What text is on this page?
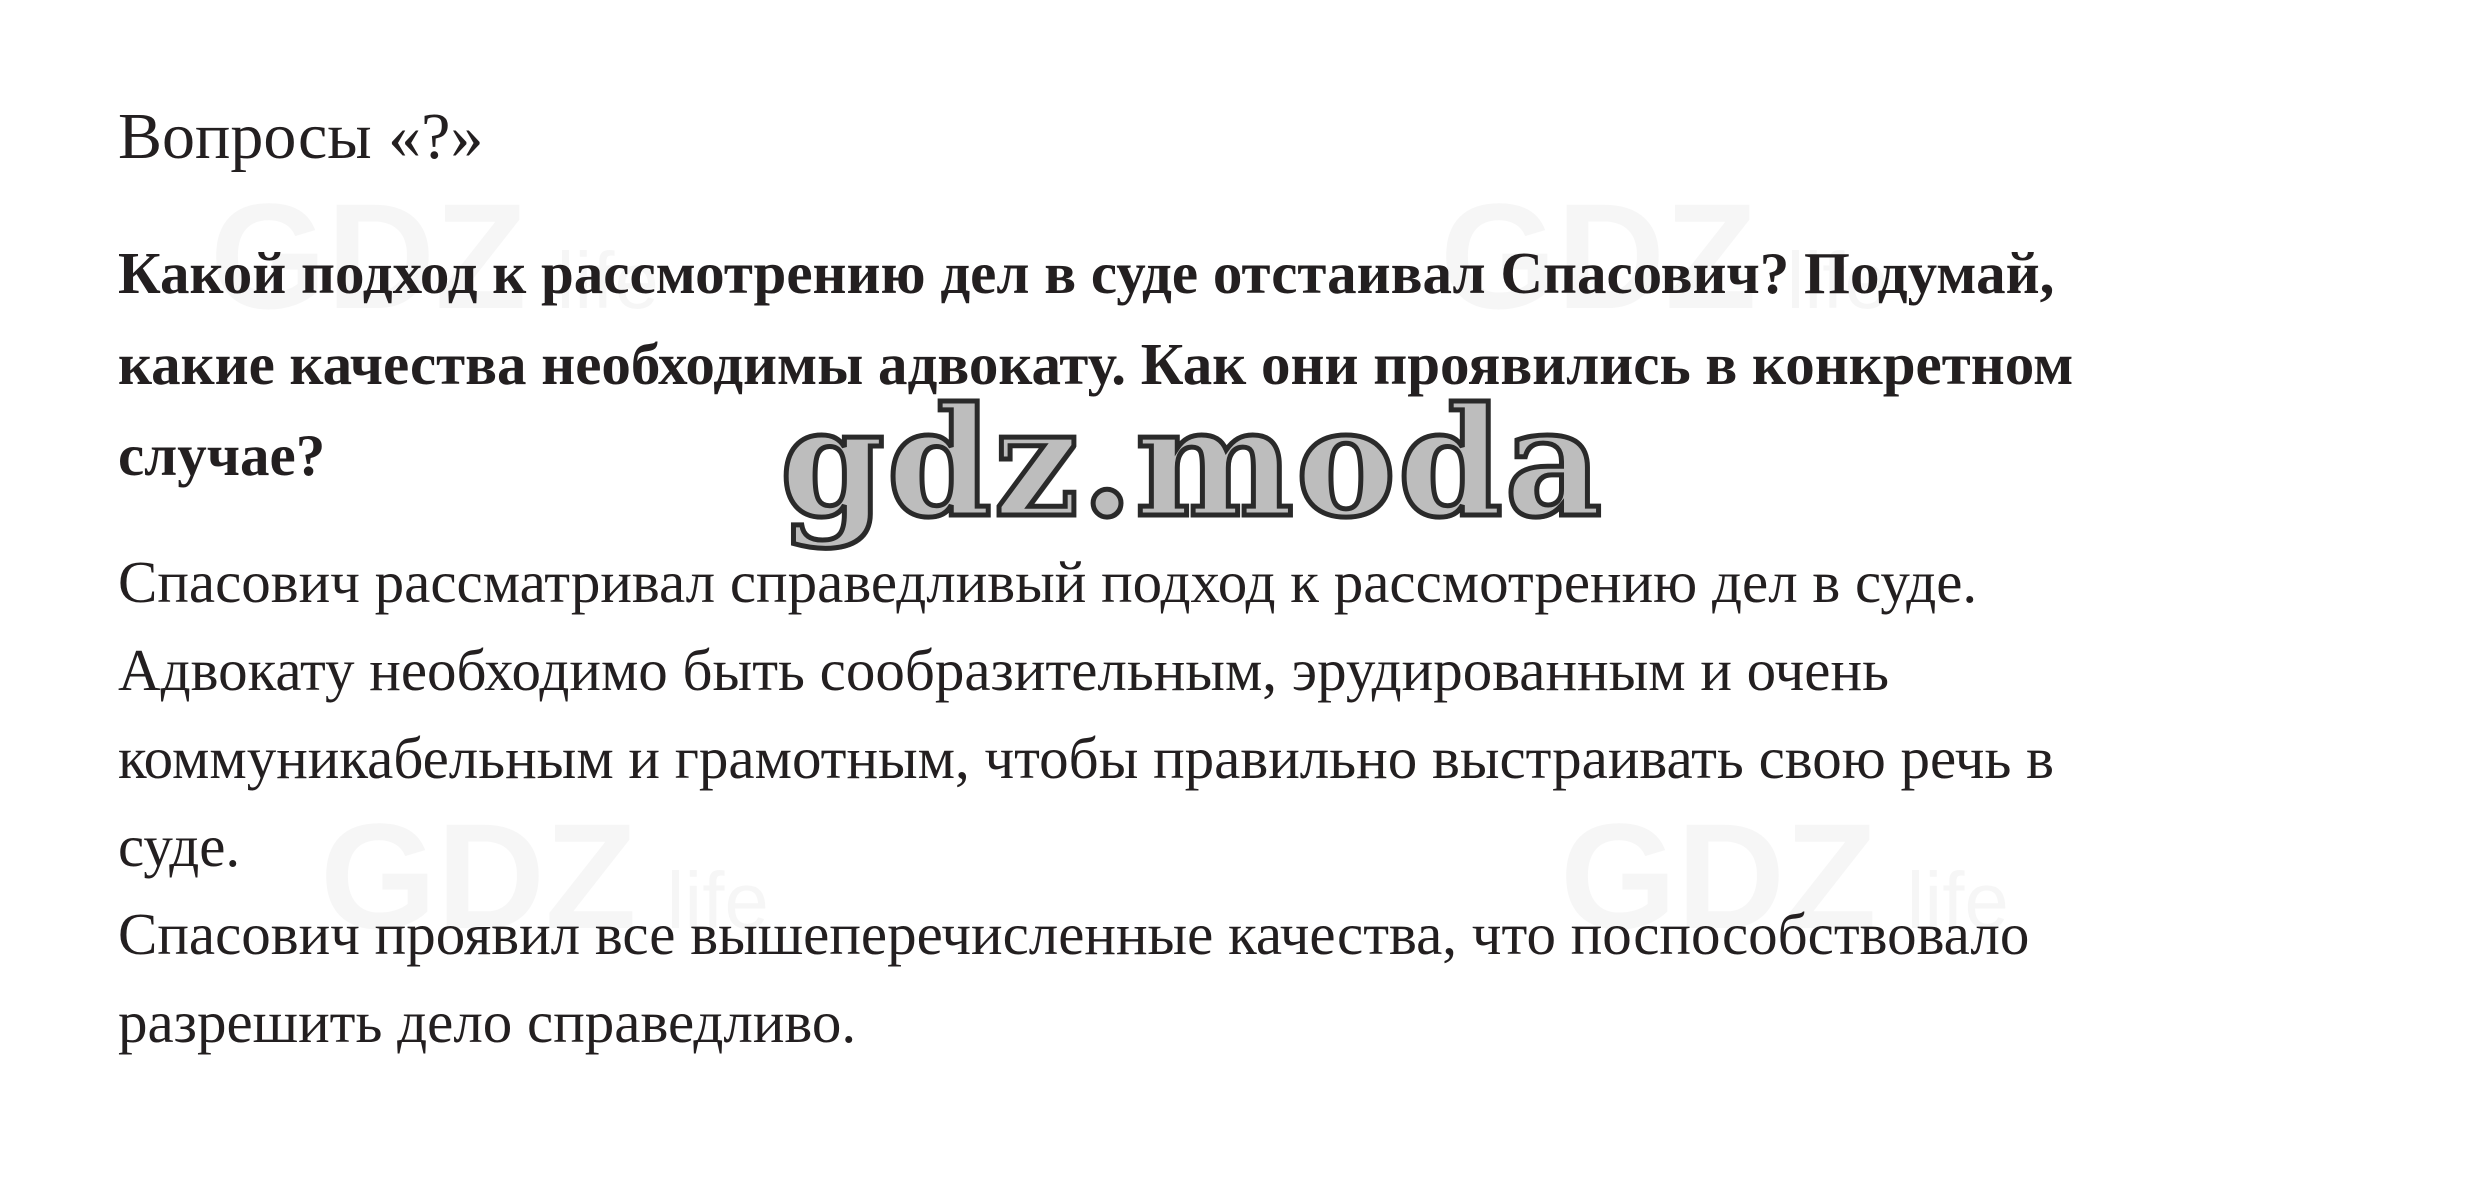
Вопросы «?»

Какой подход к рассмотрению дел в суде отстаивал Спасович? Подумай,
какие качества необходимы адвокату. Как они проявились в конкретном
случае?

Спасович рассматривал справедливый подход к рассмотрению дел в суде.
Адвокату необходимо быть сообразительным, эрудированным и очень
коммуникабельным и грамотным, чтобы правильно выстраивать свою речь в
суде.
Спасович проявил все вышеперечисленные качества, что поспособствовало
разрешить дело справедливо.

gdz.moda
